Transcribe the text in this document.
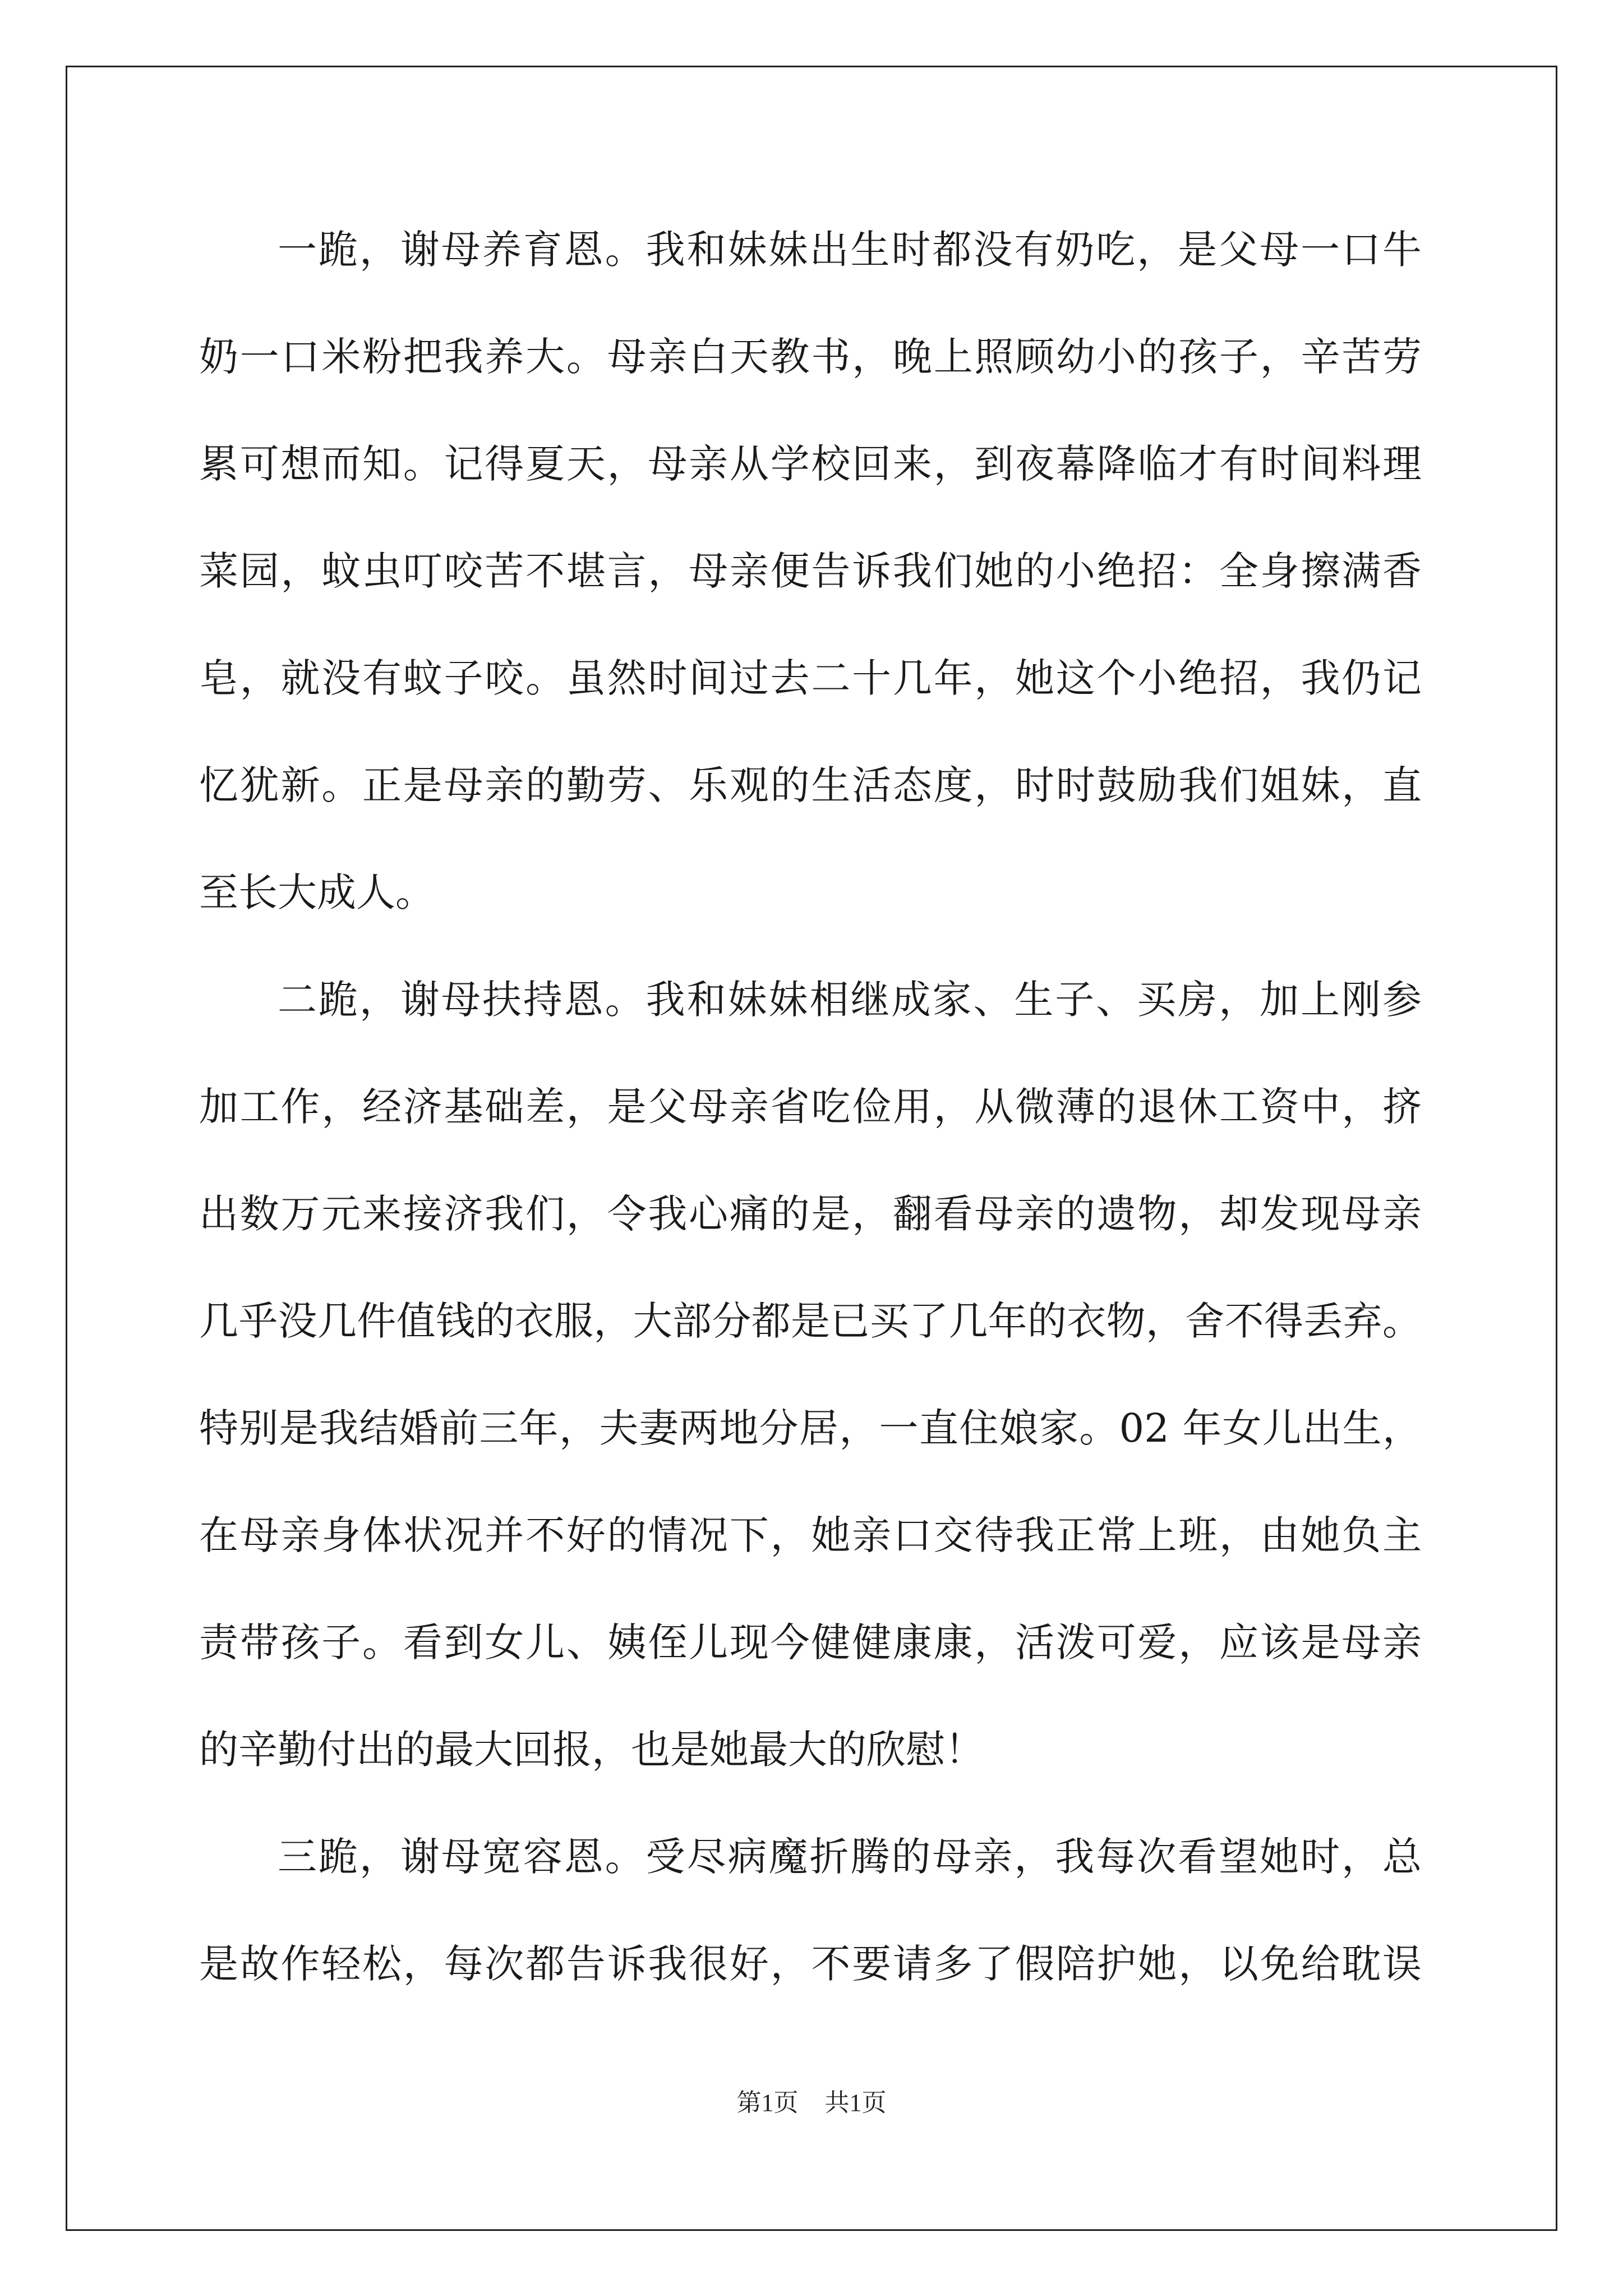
一跪，谢母养育恩。我和妹妹出生时都没有奶吃，是父母一口牛
奶一口米粉把我养大。母亲白天教书，晚上照顾幼小的孩子，辛苦劳
累可想而知。记得夏天，母亲从学校回来，到夜幕降临才有时间料理
菜园，蚊虫叮咬苦不堪言，母亲便告诉我们她的小绝招：全身擦满香
皂，就没有蚊子咬。虽然时间过去二十几年，她这个小绝招，我仍记
忆犹新。正是母亲的勤劳、乐观的生活态度，时时鼓励我们姐妹，直
至长大成人。
二跪，谢母扶持恩。我和妹妹相继成家、生子、买房，加上刚参
加工作，经济基础差，是父母亲省吃俭用，从微薄的退休工资中，挤
出数万元来接济我们，令我心痛的是，翻看母亲的遗物，却发现母亲
几乎没几件值钱的衣服，大部分都是已买了几年的衣物，舍不得丢弃。
特别是我结婚前三年，夫妻两地分居，一直住娘家。02 年女儿出生，
在母亲身体状况并不好的情况下，她亲口交待我正常上班，由她负主
责带孩子。看到女儿、姨侄儿现今健健康康，活泼可爱，应该是母亲
的辛勤付出的最大回报，也是她最大的欣慰！
三跪，谢母宽容恩。受尽病魔折腾的母亲，我每次看望她时，总
是故作轻松，每次都告诉我很好，不要请多了假陪护她，以免给耽误
第1页 共1页
